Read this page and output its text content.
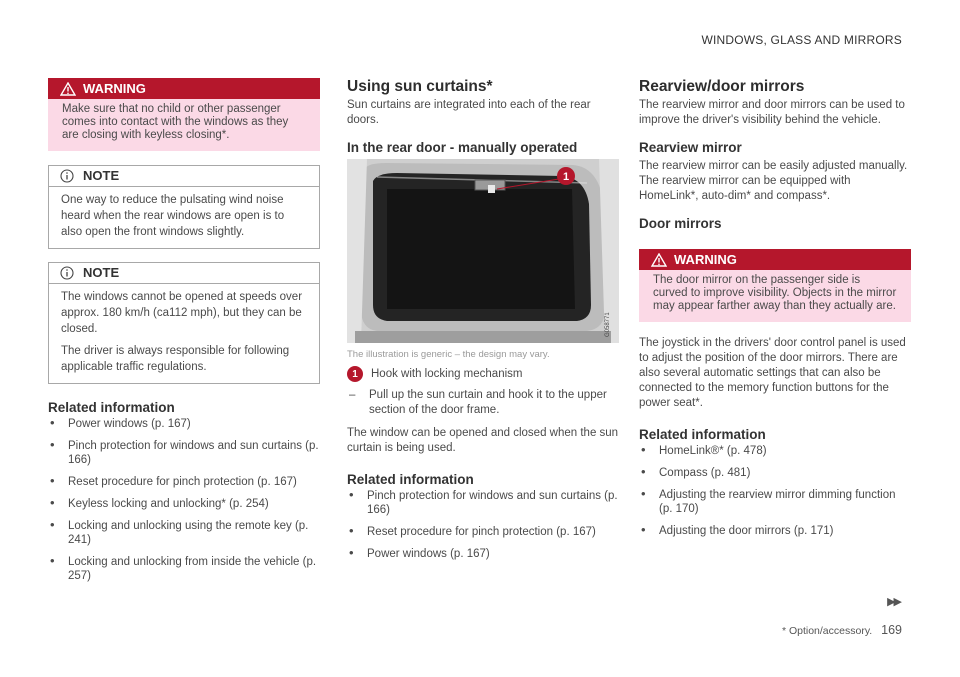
WINDOWS, GLASS AND MIRRORS
WARNING
Make sure that no child or other passenger comes into contact with the windows as they are closing with keyless closing*.
NOTE
One way to reduce the pulsating wind noise heard when the rear windows are open is to also open the front windows slightly.
NOTE

The windows cannot be opened at speeds over approx. 180 km/h (ca112 mph), but they can be closed.

The driver is always responsible for following applicable traffic regulations.

Related information
• Power windows (p. 167)
• Pinch protection for windows and sun curtains (p. 166)
• Reset procedure for pinch protection (p. 167)
• Keyless locking and unlocking* (p. 254)
• Locking and unlocking using the remote key (p. 241)
• Locking and unlocking from inside the vehicle (p. 257)
Using sun curtains*

Sun curtains are integrated into each of the rear doors.

In the rear door - manually operated
1
G058771
The illustration is generic – the design may vary.
1	Hook with locking mechanism
– Pull up the sun curtain and hook it to the upper section of the door frame.

The window can be opened and closed when the sun curtain is being used.

Related information
• Pinch protection for windows and sun curtains (p. 166)
• Reset procedure for pinch protection (p. 167)
• Power windows (p. 167)
Rearview/door mirrors

The rearview mirror and door mirrors can be used to improve the driver's visibility behind the vehicle.

Rearview mirror

The rearview mirror can be easily adjusted manually. The rearview mirror can be equipped with HomeLink*, auto-dim* and compass*.

Door mirrors
WARNING
The door mirror on the passenger side is curved to improve visibility. Objects in the mirror may appear farther away than they actually are.

The joystick in the drivers' door control panel is used to adjust the position of the door mirrors. There are also several automatic settings that can also be connected to the memory function buttons for the power seat*.

Related information
• HomeLink®* (p. 478)
• Compass (p. 481)
• Adjusting the rearview mirror dimming function (p. 170)
• Adjusting the door mirrors (p. 171)
▶▶
* Option/accessory. 169
